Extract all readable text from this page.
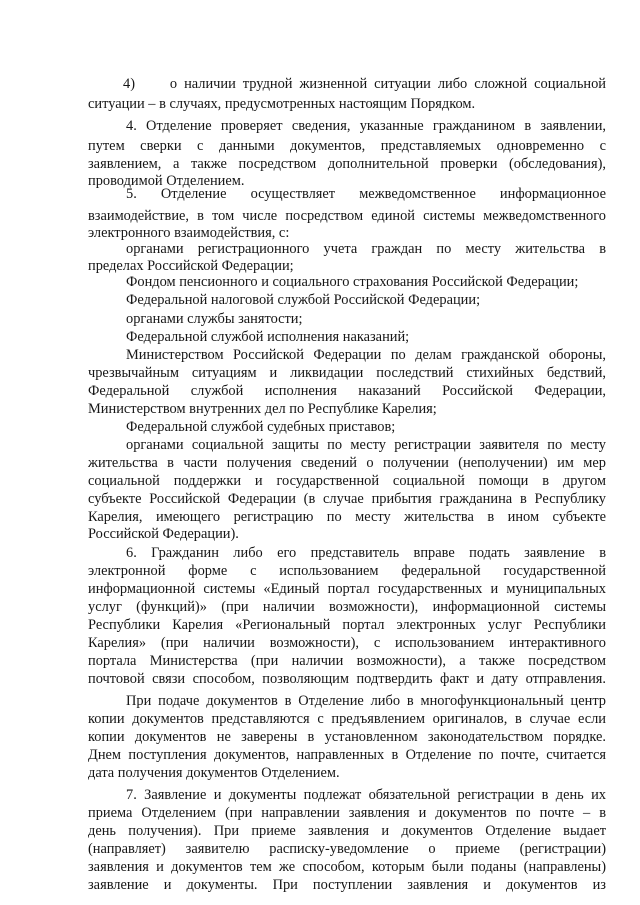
4)     о наличии трудной жизненной ситуации либо сложной социальной
ситуации – в случаях, предусмотренных настоящим Порядком.
4. Отделение проверяет сведения, указанные гражданином в заявлении,
путем сверки с данными документов, представляемых одновременно с
заявлением, а также посредством дополнительной проверки (обследования),
проводимой Отделением.
5. Отделение осуществляет межведомственное информационное
взаимодействие, в том числе посредством единой системы межведомственного
электронного взаимодействия, с:
органами регистрационного учета граждан по месту жительства в
пределах Российской Федерации;
Фондом пенсионного и социального страхования Российской Федерации;
Федеральной налоговой службой Российской Федерации;
органами службы занятости;
Федеральной службой исполнения наказаний;
Министерством Российской Федерации по делам гражданской обороны,
чрезвычайным ситуациям и ликвидации последствий стихийных бедствий,
Федеральной службой исполнения наказаний Российской Федерации,
Министерством внутренних дел по Республике Карелия;
Федеральной службой судебных приставов;
органами социальной защиты по месту регистрации заявителя по месту
жительства в части получения сведений о получении (неполучении) им мер
социальной поддержки и государственной социальной помощи в другом
субъекте Российской Федерации (в случае прибытия гражданина в Республику
Карелия, имеющего регистрацию по месту жительства в ином субъекте
Российской Федерации).
6. Гражданин либо его представитель вправе подать заявление в
электронной форме с использованием федеральной государственной
информационной системы «Единый портал государственных и муниципальных
услуг (функций)» (при наличии возможности), информационной системы
Республики Карелия «Региональный портал электронных услуг Республики
Карелия» (при наличии возможности), с использованием интерактивного
портала Министерства (при наличии возможности), а также посредством
почтовой связи способом, позволяющим подтвердить факт и дату отправления.
При подаче документов в Отделение либо в многофункциональный центр
копии документов представляются с предъявлением оригиналов, в случае если
копии документов не заверены в установленном законодательством порядке.
Днем поступления документов, направленных в Отделение по почте, считается
дата получения документов Отделением.
7. Заявление и документы подлежат обязательной регистрации в день их
приема Отделением (при направлении заявления и документов по почте – в
день получения). При приеме заявления и документов Отделение выдает
(направляет) заявителю расписку-уведомление о приеме (регистрации)
заявления и документов тем же способом, которым были поданы (направлены)
заявление и документы. При поступлении заявления и документов из
